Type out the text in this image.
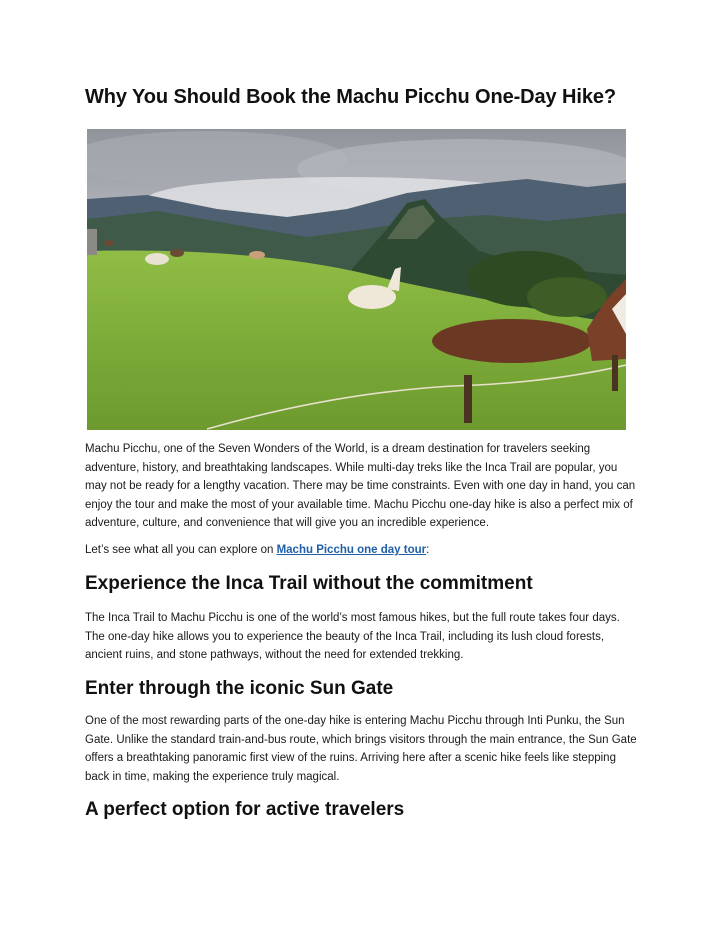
Why You Should Book the Machu Picchu One-Day Hike?

Machu Picchu, one of the Seven Wonders of the World, is a dream destination for travelers seeking adventure, history, and breathtaking landscapes. While multi-day treks like the Inca Trail are popular, you may not be ready for a lengthy vacation. There may be time constraints. Even with one day in hand, you can enjoy the tour and make the most of your available time. Machu Picchu one-day hike is also a perfect mix of adventure, culture, and convenience that will give you an incredible experience.

Let’s see what all you can explore on Machu Picchu one day tour:

Experience the Inca Trail without the commitment

The Inca Trail to Machu Picchu is one of the world’s most famous hikes, but the full route takes four days. The one-day hike allows you to experience the beauty of the Inca Trail, including its lush cloud forests, ancient ruins, and stone pathways, without the need for extended trekking.

Enter through the iconic Sun Gate

One of the most rewarding parts of the one-day hike is entering Machu Picchu through Inti Punku, the Sun Gate. Unlike the standard train-and-bus route, which brings visitors through the main entrance, the Sun Gate offers a breathtaking panoramic first view of the ruins. Arriving here after a scenic hike feels like stepping back in time, making the experience truly magical.

A perfect option for active travelers
